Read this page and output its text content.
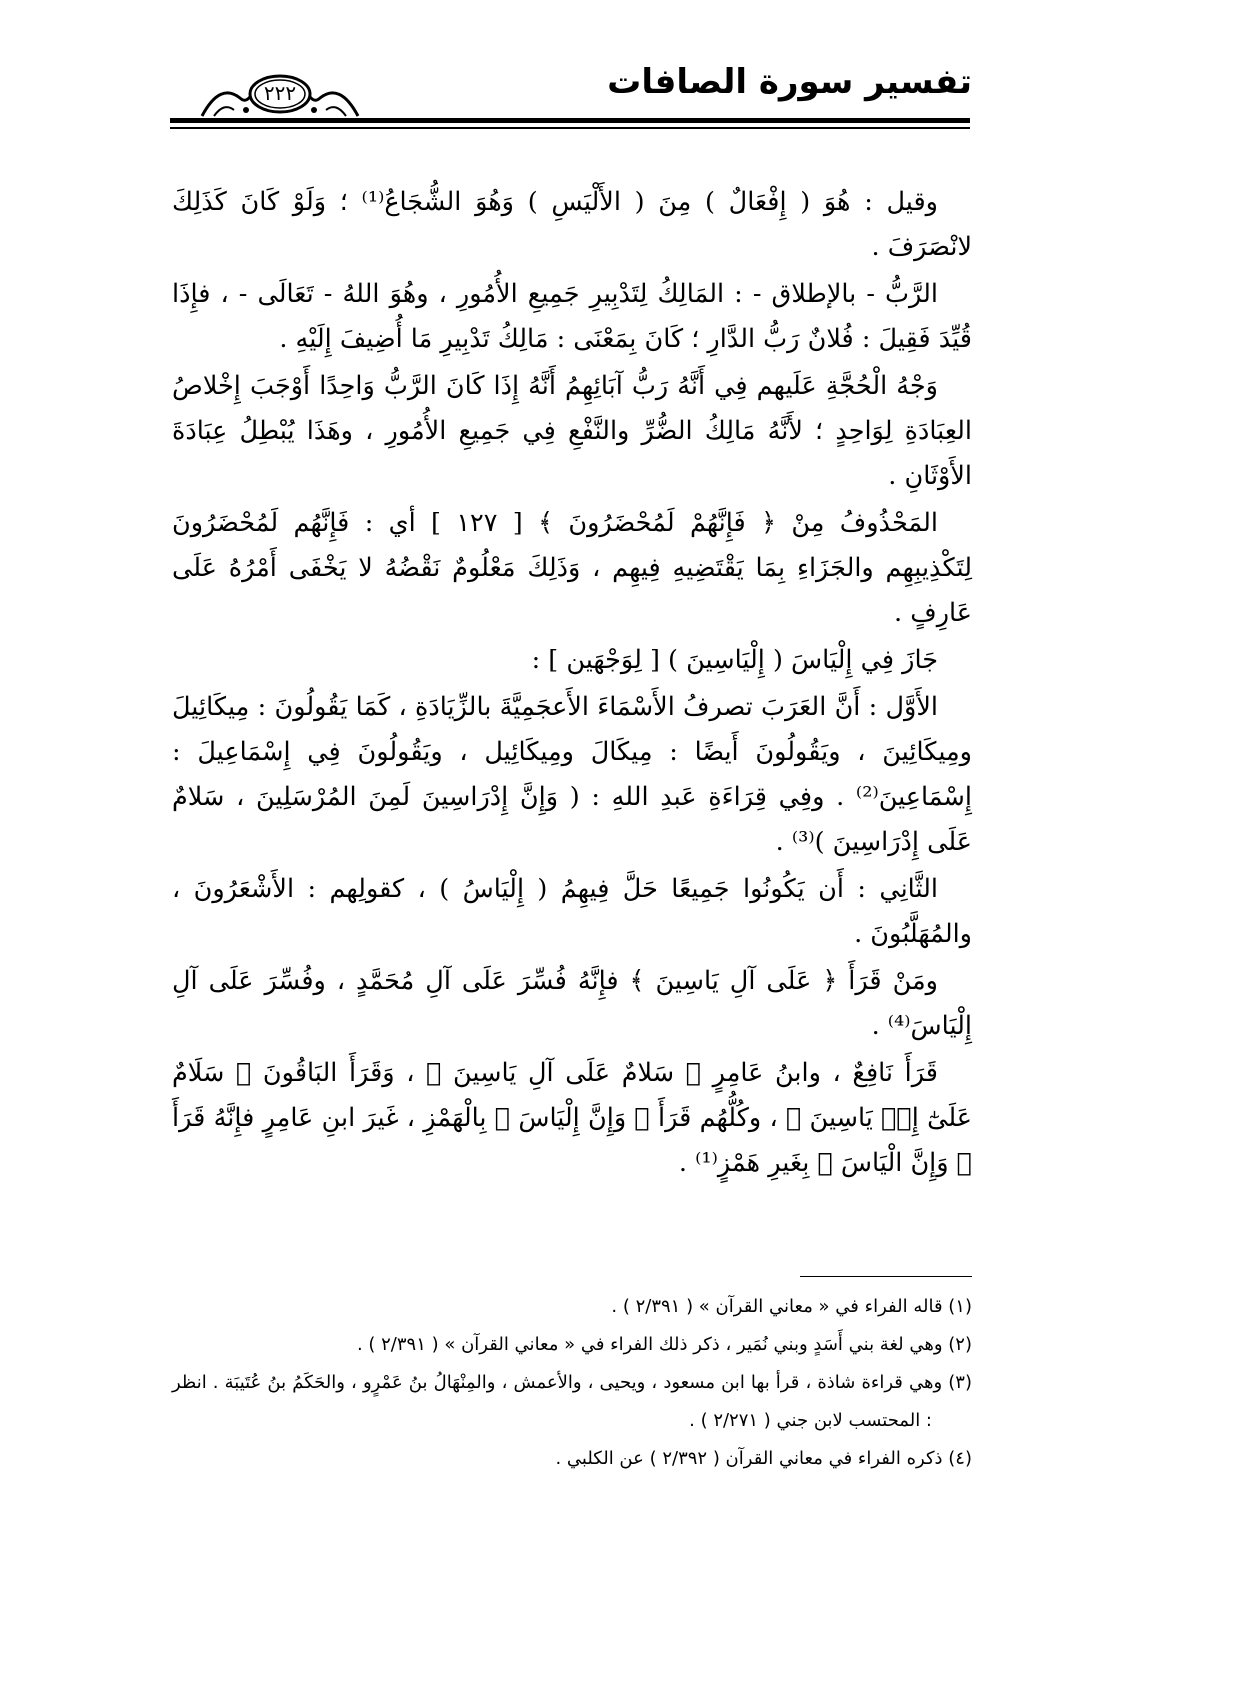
تفسير سورة الصافات
٢٢٢

وقيل : هُوَ ( إِفْعَالٌ ) مِنَ ( الأَلْيَسِ ) وَهُوَ الشُّجَاعُ⁽¹⁾ ؛ وَلَوْ كَانَ كَذَلِكَ لانْصَرَفَ .

الرَّبُّ - بالإطلاق - : المَالِكُ لِتَدْبِيرِ جَمِيعِ الأُمُورِ ، وهُوَ اللهُ - تَعَالَى - ، فإِذَا قُيِّدَ فَقِيلَ : فُلانٌ رَبُّ الدَّارِ ؛ كَانَ بِمَعْنَى : مَالِكُ تَدْبِيرِ مَا أُضِيفَ إِلَيْهِ .

وَجْهُ الْحُجَّةِ عَلَيهم فِي أَنَّهُ رَبُّ آبَائِهِمُ أَنَّهُ إِذَا كَانَ الرَّبُّ وَاحِدًا أَوْجَبَ إِخْلاصُ العِبَادَةِ لِوَاحِدٍ ؛ لأَنَّهُ مَالِكُ الضُّرِّ والنَّفْعِ فِي جَمِيعِ الأُمُورِ ، وهَذَا يُبْطِلُ عِبَادَةَ الأَوْثَانِ .

المَحْذُوفُ مِنْ ﴿ فَإِنَّهُمْ لَمُحْضَرُونَ ﴾ [ ١٢٧ ] أي : فَإِنَّهُم لَمُحْضَرُونَ لِتَكْذِيبِهِم والجَزَاءِ بِمَا يَقْتَضِيهِ فِيهِم ، وَذَلِكَ مَعْلُومٌ نَقْضُهُ لا يَخْفَى أَمْرُهُ عَلَى عَارِفٍ .

جَازَ فِي إِلْيَاسَ ( إِلْيَاسِينَ ) [ لِوَجْهَين ] :

الأَوَّل : أَنَّ العَرَبَ تصرفُ الأَسْمَاءَ الأَعجَمِيَّةَ بالزِّيَادَةِ ، كَمَا يَقُولُونَ : مِيكَائِيلَ ومِيكَائِينَ ، ويَقُولُونَ أَيضًا : مِيكَالَ ومِيكَائِيل ، ويَقُولُونَ فِي إِسْمَاعِيلَ : إِسْمَاعِينَ⁽²⁾ . وفِي قِرَاءَةِ عَبدِ اللهِ : ( وَإِنَّ إِدْرَاسِينَ لَمِنَ المُرْسَلِينَ ، سَلامٌ عَلَى إِدْرَاسِينَ )⁽³⁾ .

الثَّانِي : أَن يَكُونُوا جَمِيعًا حَلَّ فِيهِمُ ( إِلْيَاسُ ) ، كقولِهم : الأَشْعَرُونَ ، والمُهَلَّبُونَ .

ومَنْ قَرَأَ ﴿ عَلَى آلِ يَاسِينَ ﴾ فإِنَّهُ فُسِّرَ عَلَى آلِ مُحَمَّدٍ ، وفُسِّرَ عَلَى آلِ إِلْيَاسَ⁽⁴⁾ .

قَرَأَ نَافِعٌ ، وابنُ عَامِرٍ ﴿ سَلامٌ عَلَى آلِ يَاسِينَ ﴾ ، وَقَرَأَ البَاقُونَ ﴿ سَلَامٌ عَلَىٰٓ إِلۡ يَاسِينَ ﴾ ، وكُلُّهُم قَرَأَ ﴿ وَإِنَّ إِلْيَاسَ ﴾ بِالْهَمْزِ ، غَيرَ ابنِ عَامِرٍ فإِنَّهُ قَرَأَ ﴿ وَإِنَّ الْيَاسَ ﴾ بِغَيرِ هَمْزٍ⁽¹⁾ .

(١) قاله الفراء في « معاني القرآن » ( ٢/٣٩١ ) .

(٢) وهي لغة بني أَسَدٍ وبني نُمَير ، ذكر ذلك الفراء في « معاني القرآن » ( ٢/٣٩١ ) .

(٣) وهي قراءة شاذة ، قرأ بها ابن مسعود ، ويحيى ، والأعمش ، والمِنْهَالُ بنُ عَمْرٍو ، والحَكَمُ بنُ عُتَيبَة . انظر : المحتسب لابن جني ( ٢/٢٧١ ) .

(٤) ذكره الفراء في معاني القرآن ( ٢/٣٩٢ ) عن الكلبي .
